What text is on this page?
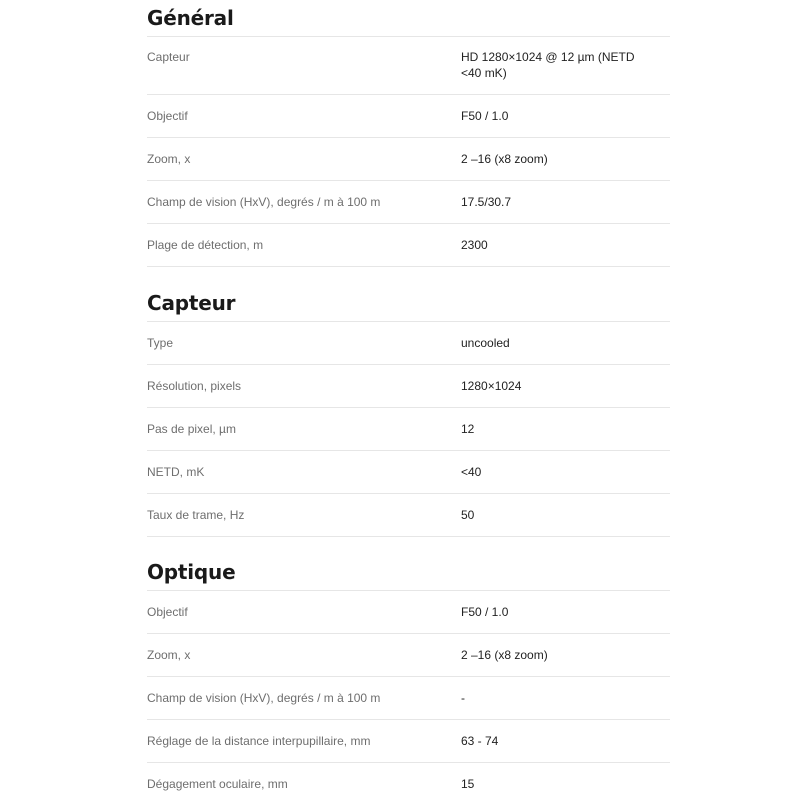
Général
Capteur	HD 1280×1024 @ 12 µm (NETD <40 mK)
Objectif	F50 / 1.0
Zoom, x	2 –16 (x8 zoom)
Champ de vision (HxV), degrés / m à 100 m	17.5/30.7
Plage de détection, m	2300
Capteur
Type	uncooled
Résolution, pixels	1280×1024
Pas de pixel, µm	12
NETD, mK	<40
Taux de trame, Hz	50
Optique
Objectif	F50 / 1.0
Zoom, x	2 –16 (x8 zoom)
Champ de vision (HxV), degrés / m à 100 m	-
Réglage de la distance interpupillaire, mm	63 - 74
Dégagement oculaire, mm	15
